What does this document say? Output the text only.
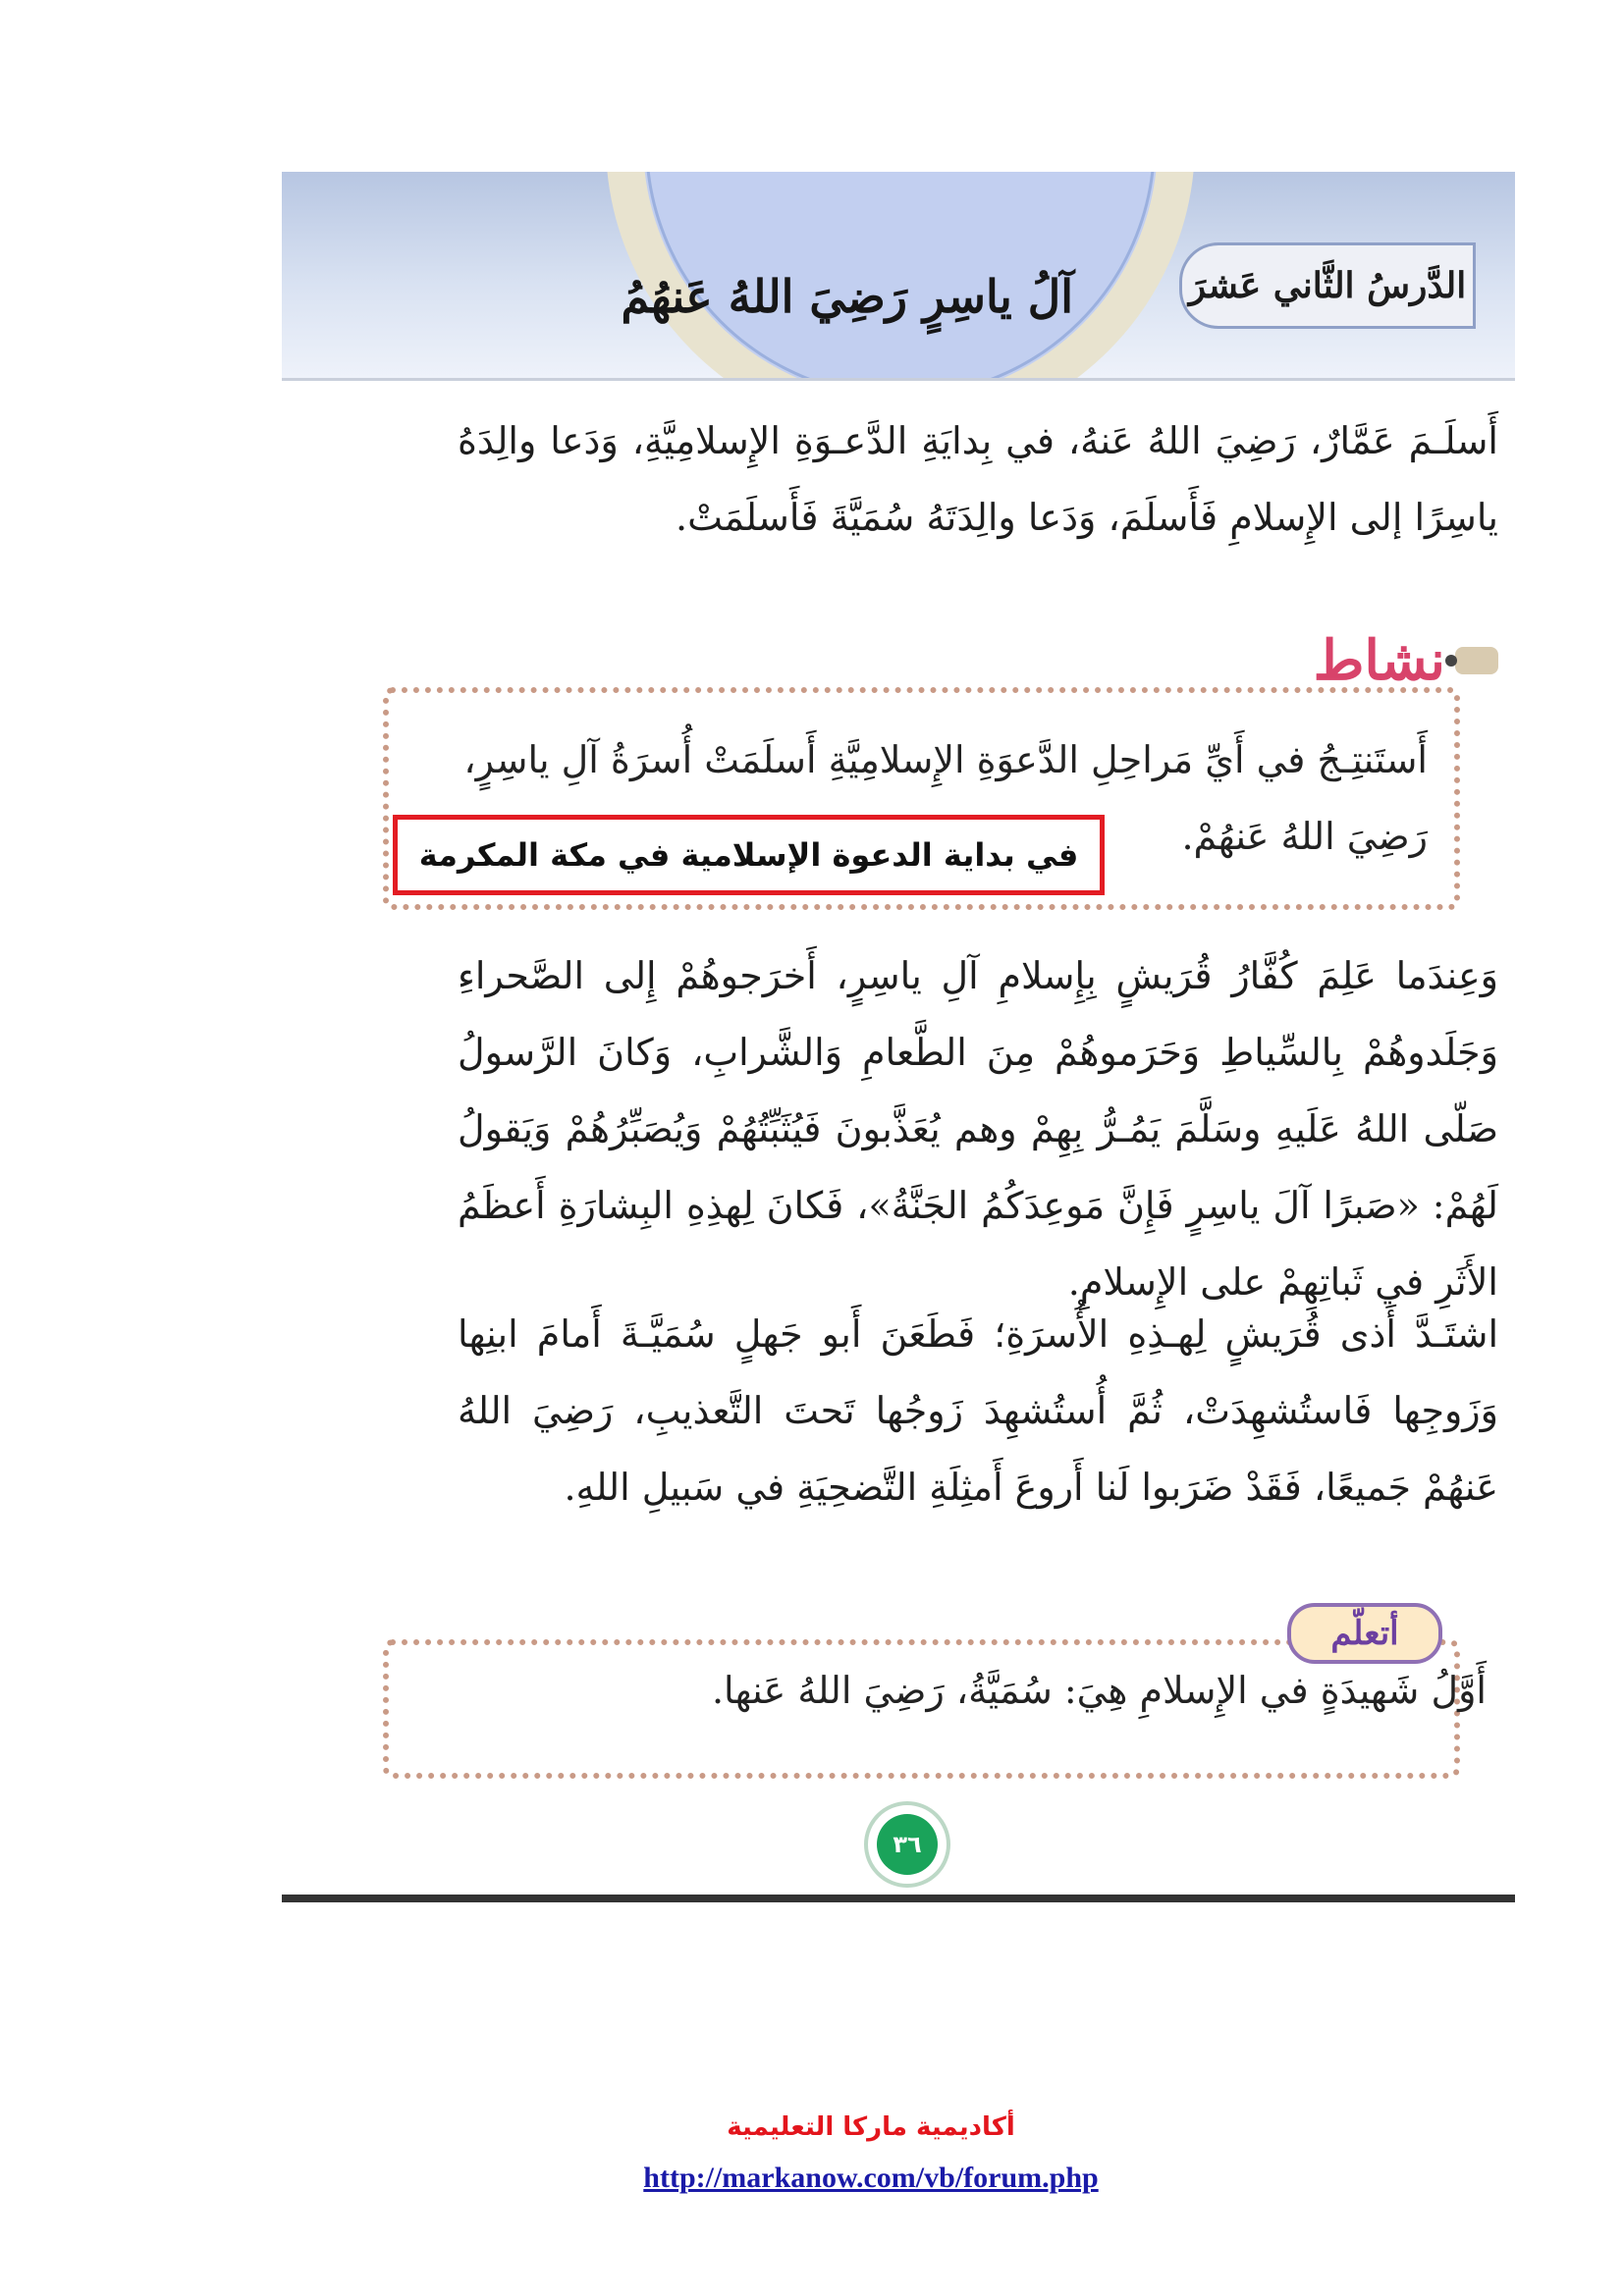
الدَّرسُ الثَّاني عَشرَ
آلُ ياسِرٍ رَضِيَ اللهُ عَنهُمُ
أَسلَـمَ عَمَّارٌ، رَضِيَ اللهُ عَنهُ، في بِدايَةِ الدَّعـوَةِ الإِسلامِيَّةِ، وَدَعا والِدَهُ ياسِرًا إلى الإِسلامِ فَأَسلَمَ، وَدَعا والِدَتَهُ سُمَيَّةَ فَأَسلَمَتْ.
نشاط
أَستَنتِـجُ في أَيِّ مَراحِلِ الدَّعوَةِ الإِسلامِيَّةِ أَسلَمَتْ أُسرَةُ آلِ ياسِرٍ، رَضِيَ اللهُ عَنهُمْ.
في بداية الدعوة الإسلامية في مكة المكرمة
وَعِندَما عَلِمَ كُفَّارُ قُرَيشٍ بِإِسلامِ آلِ ياسِرٍ، أَخرَجوهُمْ إِلى الصَّحراءِ وَجَلَدوهُمْ بِالسِّياطِ وَحَرَموهُمْ مِنَ الطَّعامِ وَالشَّرابِ، وَكانَ الرَّسولُ صَلّى اللهُ عَلَيهِ وسَلَّمَ يَمُـرُّ بِهِمْ وهم يُعَذَّبونَ فَيُثَبِّتُهُمْ وَيُصَبِّرُهُمْ وَيَقولُ لَهُمْ: «صَبرًا آلَ ياسِرٍ فَإِنَّ مَوعِدَكُمُ الجَنَّةُ»، فَكانَ لِهذِهِ البِشارَةِ أَعظَمُ الأَثَرِ في ثَباتِهِمْ على الإِسلامِ.
اشتَـدَّ أَذى قُرَيشٍ لِهـذِهِ الأُسرَةِ؛ فَطَعَنَ أَبو جَهلٍ سُمَيَّـةَ أَمامَ ابنِها وَزَوجِها فَاستُشهِدَتْ، ثُمَّ أُستُشهِدَ زَوجُها تَحتَ التَّعذيبِ، رَضِيَ اللهُ عَنهُمْ جَميعًا، فَقَدْ ضَرَبوا لَنا أَروعَ أَمثِلَةِ التَّضحِيَةِ في سَبيلِ اللهِ.
أتعلّم
أَوَّلُ شَهيدَةٍ في الإِسلامِ هِيَ: سُمَيَّةُ، رَضِيَ اللهُ عَنها.
٣٦
أكاديمية ماركا التعليمية
http://markanow.com/vb/forum.php
